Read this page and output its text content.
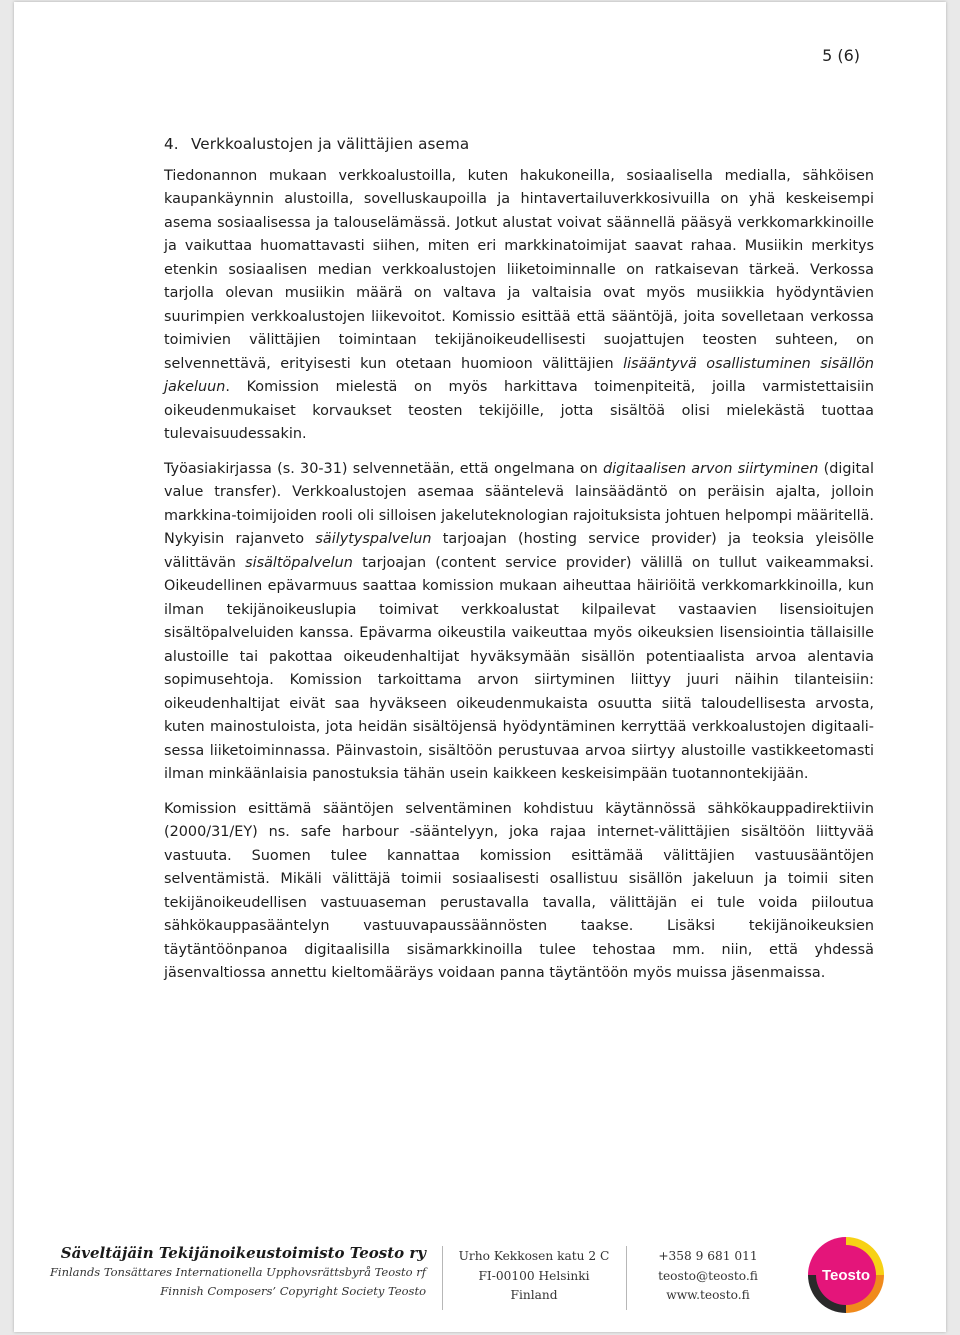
5 (6)
4. Verkkoalustojen ja välittäjien asema

Tiedonannon mukaan verkkoalustoilla, kuten hakukoneilla, sosiaalisella medialla, sähköisen kaupankäynnin alustoilla, sovelluskaupoilla ja hintavertailuverkkosivuilla on yhä keskeisempi asema sosiaalisessa ja talouselämässä. Jotkut alustat voivat säännellä pääsyä verkkomarkkinoille ja vaikuttaa huomattavasti siihen, miten eri markkinatoimijat saavat rahaa. Musiikin merkitys etenkin sosiaalisen median verkkoalustojen liiketoiminnalle on ratkaisevan tärkeä. Verkossa tarjolla olevan musiikin määrä on valtava ja valtaisia ovat myös musiikkia hyödyntävien suurimpien verkkoalustojen liikevoitot. Komissio esittää että sääntöjä, joita sovelletaan verkossa toimivien välittäjien toimintaan tekijänoikeudellisesti suojattujen teosten suhteen, on selvennettävä, erityisesti kun otetaan huomioon välittäjien lisääntyvä osallistuminen sisällön jakeluun. Komission mielestä on myös harkittava toimenpiteitä, joilla varmistettaisiin oikeudenmukaiset korvaukset teosten tekijöille, jotta sisältöä olisi mielekästä tuottaa tulevaisuudessakin.

Työasiakirjassa (s. 30-31) selvennetään, että ongelmana on digitaalisen arvon siirtyminen (digital value transfer). Verkkoalustojen asemaa sääntelevä lainsäädäntö on peräisin ajalta, jolloin markkina-toimijoiden rooli oli silloisen jakeluteknologian rajoituksista johtuen helpompi määritellä. Nykyisin rajanveto säilytyspalvelun tarjoajan (hosting service provider) ja teoksia yleisölle välittävän sisältöpalvelun tarjoajan (content service provider) välillä on tullut vaikeammaksi. Oikeudellinen epävarmuus saattaa komission mukaan aiheuttaa häiriöitä verkkomarkkinoilla, kun ilman tekijänoikeuslupia toimivat verkkoalustat kilpailevat vastaavien lisensioitujen sisältöpalveluiden kanssa. Epävarma oikeustila vaikeuttaa myös oikeuksien lisensiointia tällaisille alustoille tai pakottaa oikeudenhaltijat hyväksymään sisällön potentiaalista arvoa alentavia sopimusehtoja. Komission tarkoittama arvon siirtyminen liittyy juuri näihin tilanteisiin: oikeudenhaltijat eivät saa hyväkseen oikeudenmukaista osuutta siitä taloudellisesta arvosta, kuten mainostuloista, jota heidän sisältöjensä hyödyntäminen kerryttää verkkoalustojen digitaalisessa liiketoiminnassa. Päinvastoin, sisältöön perustuvaa arvoa siirtyy alustoille vastikkeetomasti ilman minkäänlaisia panostuksia tähän usein kaikkeen keskeisimpään tuotannontekijään.

Komission esittämä sääntöjen selventäminen kohdistuu käytännössä sähkökauppadirektiivin (2000/31/EY) ns. safe harbour -sääntelyyn, joka rajaa internet-välittäjien sisältöön liittyvää vastuuta. Suomen tulee kannattaa komission esittämää välittäjien vastuusääntöjen selventämistä. Mikäli välittäjä toimii sosiaalisesti osallistuu sisällön jakeluun ja toimii siten tekijänoikeudellisen vastuuaseman perustavalla tavalla, välittäjän ei tule voida piiloutua sähkökauppasääntelyn vastuuvapaussäännösten taakse. Lisäksi tekijänoikeuksien täytäntöönpanoa digitaalisilla sisämarkkinoilla tulee tehostaa mm. niin, että yhdessä jäsenvaltiossa annettu kieltomääräys voidaan panna täytäntöön myös muissa jäsenmaissa.

Säveltäjäin Tekijänoikeustoimisto Teosto ry
Finlands Tonsättares Internationella Upphovsrättsbyrå Teosto rf
Finnish Composers’ Copyright Society Teosto
Urho Kekkosen katu 2 C
FI-00100 Helsinki
Finland
+358 9 681 011
teosto@teosto.fi
www.teosto.fi
Teosto
